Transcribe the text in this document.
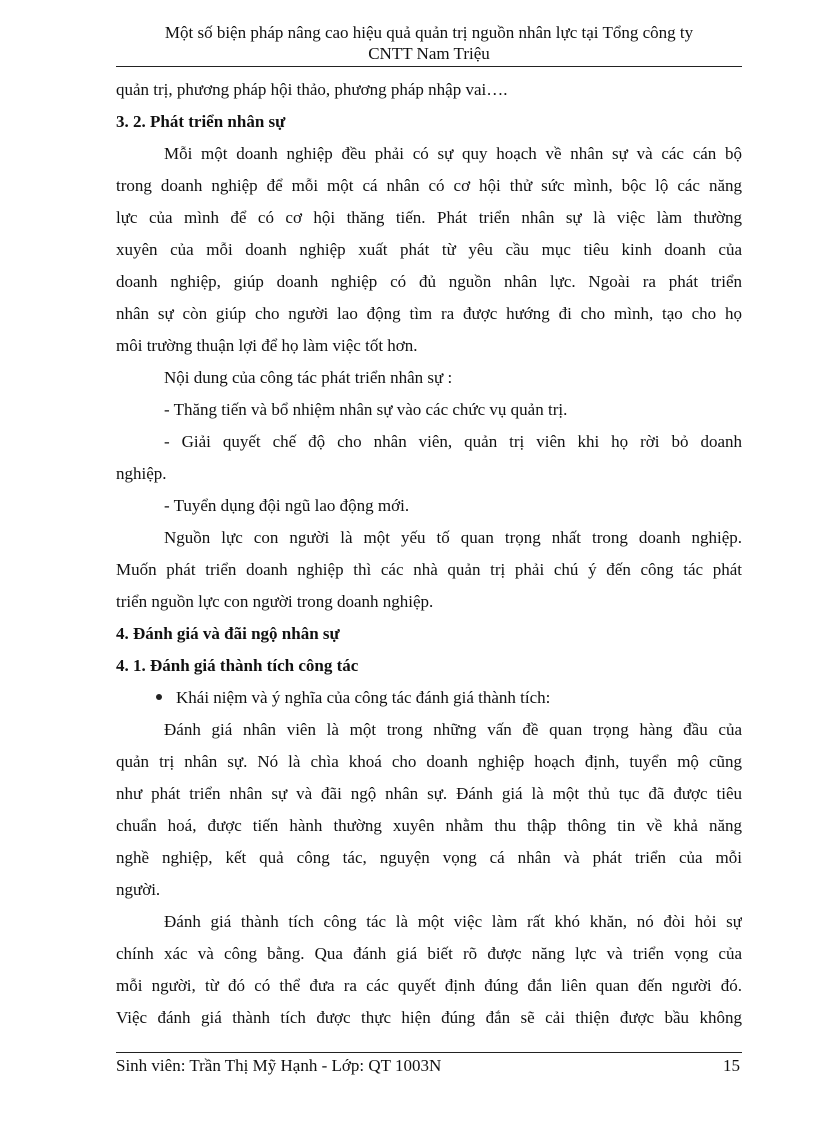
Một số biện pháp nâng cao hiệu quả quản trị nguồn nhân lực tại Tổng công ty
CNTT Nam Triệu
quản trị, phương pháp hội thảo, phương pháp nhập vai….
3. 2. Phát triển nhân sự
Mỗi một doanh nghiệp đều phải có sự quy hoạch về nhân sự và các cán bộ
trong doanh nghiệp để mỗi một cá nhân có cơ hội thử sức mình, bộc lộ các năng
lực của mình để có cơ hội thăng tiến. Phát triển nhân sự là việc làm thường
xuyên của mỗi doanh nghiệp xuất phát từ yêu cầu mục tiêu kinh doanh của
doanh nghiệp, giúp doanh nghiệp có đủ nguồn nhân lực. Ngoài ra phát triển
nhân sự còn giúp cho người lao động tìm ra được hướng đi cho mình, tạo cho họ
môi trường thuận lợi để họ làm việc tốt hơn.
Nội dung của công tác phát triển nhân sự :
- Thăng tiến và bổ nhiệm nhân sự vào các chức vụ quản trị.
- Giải quyết chế độ cho nhân viên, quản trị viên khi họ rời bỏ doanh
nghiệp.
- Tuyển dụng đội ngũ lao động mới.
Nguồn lực con người là một yếu tố quan trọng nhất trong doanh nghiệp.
Muốn phát triển doanh nghiệp thì các nhà quản trị phải chú ý đến công tác phát
triển nguồn lực con người trong doanh nghiệp.
4. Đánh giá và đãi ngộ nhân sự
4. 1. Đánh giá thành tích công tác
Khái niệm và ý nghĩa của công tác đánh giá thành tích:
Đánh giá nhân viên là một trong những vấn đề quan trọng hàng đầu của
quản trị nhân sự. Nó là chìa khoá cho doanh nghiệp hoạch định, tuyển mộ cũng
như phát triển nhân sự và đãi ngộ nhân sự. Đánh giá là một thủ tục đã được tiêu
chuẩn hoá, được tiến hành thường xuyên nhằm thu thập thông tin về khả năng
nghề nghiệp, kết quả công tác, nguyện vọng cá nhân và phát triển của mỗi
người.
Đánh giá thành tích công tác là một việc làm rất khó khăn, nó đòi hỏi sự
chính xác và công bằng. Qua đánh giá biết rõ được năng lực và triển vọng của
mỗi người, từ đó có thể đưa ra các quyết định đúng đắn liên quan đến người đó.
Việc đánh giá thành tích được thực hiện đúng đắn sẽ cải thiện được bầu không
Sinh viên: Trần Thị Mỹ Hạnh - Lớp: QT 1003N	15
